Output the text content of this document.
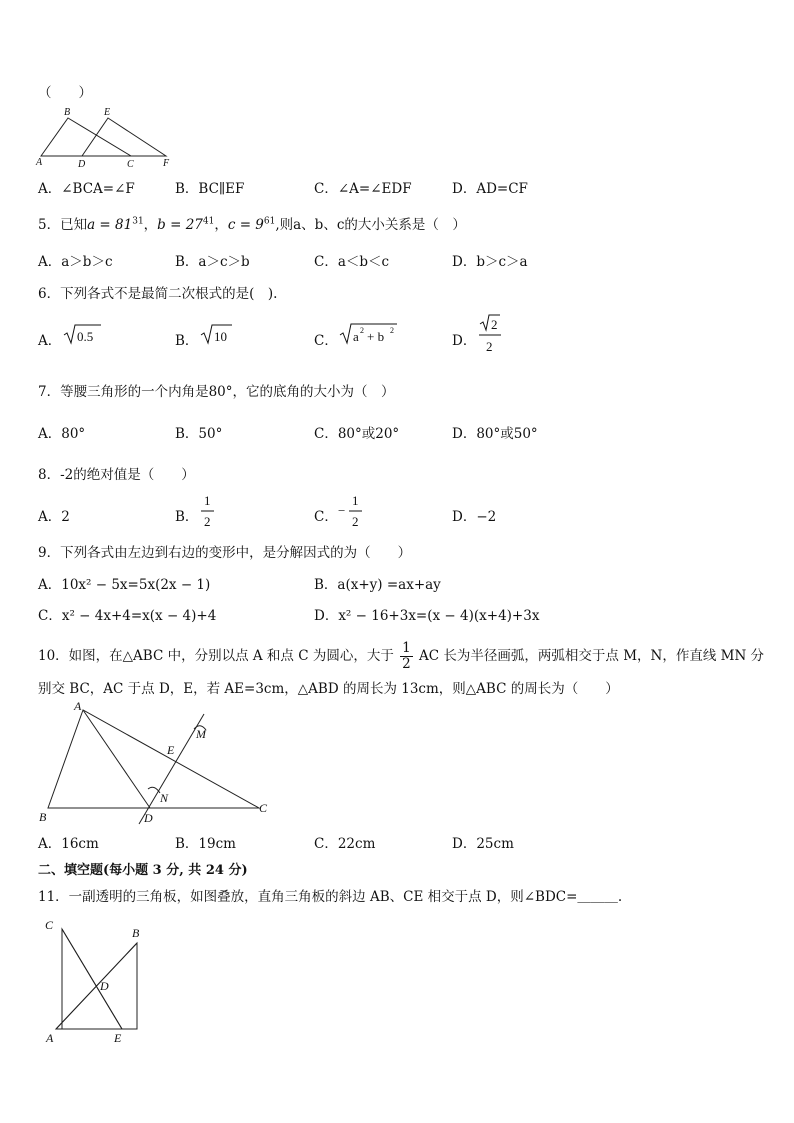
（　　）
B	E
A	D	C	F
A．∠BCA=∠F	B．BC∥EF	C．∠A=∠EDF	D．AD=CF
5．已知$a = 81^{31}$，$b = 27^{41}$，$c = 9^{61}$,则a、b、c的大小关系是（　）
A．a＞b＞c	B．a＞c＞b	C．a＜b＜c	D．b＞c＞a
6．下列各式不是最简二次根式的是(　).
A． 0.5	B． 10	C． a 2 + b 2
D．
2
2
7．等腰三角形的一个内角是80°，它的底角的大小为（　）
A．80°	B．50°	C．80°或20°	D．80°或50°
8．-2的绝对值是（　　）
A．2	B．
1
2	C． −
1
2	D．−2
9．下列各式由左边到右边的变形中，是分解因式的为（　　）
A．10x² − 5x=5x(2x − 1)	B．a(x+y) =ax+ay
C．x² − 4x+4=x(x − 4)+4	D．x² − 16+3x=(x − 4)(x+4)+3x
10．如图，在△ABC 中，分别以点 A 和点 C 为圆心，大于 $\frac{1}{2}$ AC 长为半径画弧，两弧相交于点 M，N，作直线 MN 分
别交 BC，AC 于点 D，E，若 AE=3cm，△ABD 的周长为 13cm，则△ABC 的周长为（　　）
A
M
E
N
B	D
C
A．16cm	B．19cm	C．22cm	D．25cm
二、填空题(每小题 3 分, 共 24 分)
11．一副透明的三角板，如图叠放，直角三角板的斜边 AB、CE 相交于点 D，则∠BDC=＿＿＿.
C
B
D
A	E
